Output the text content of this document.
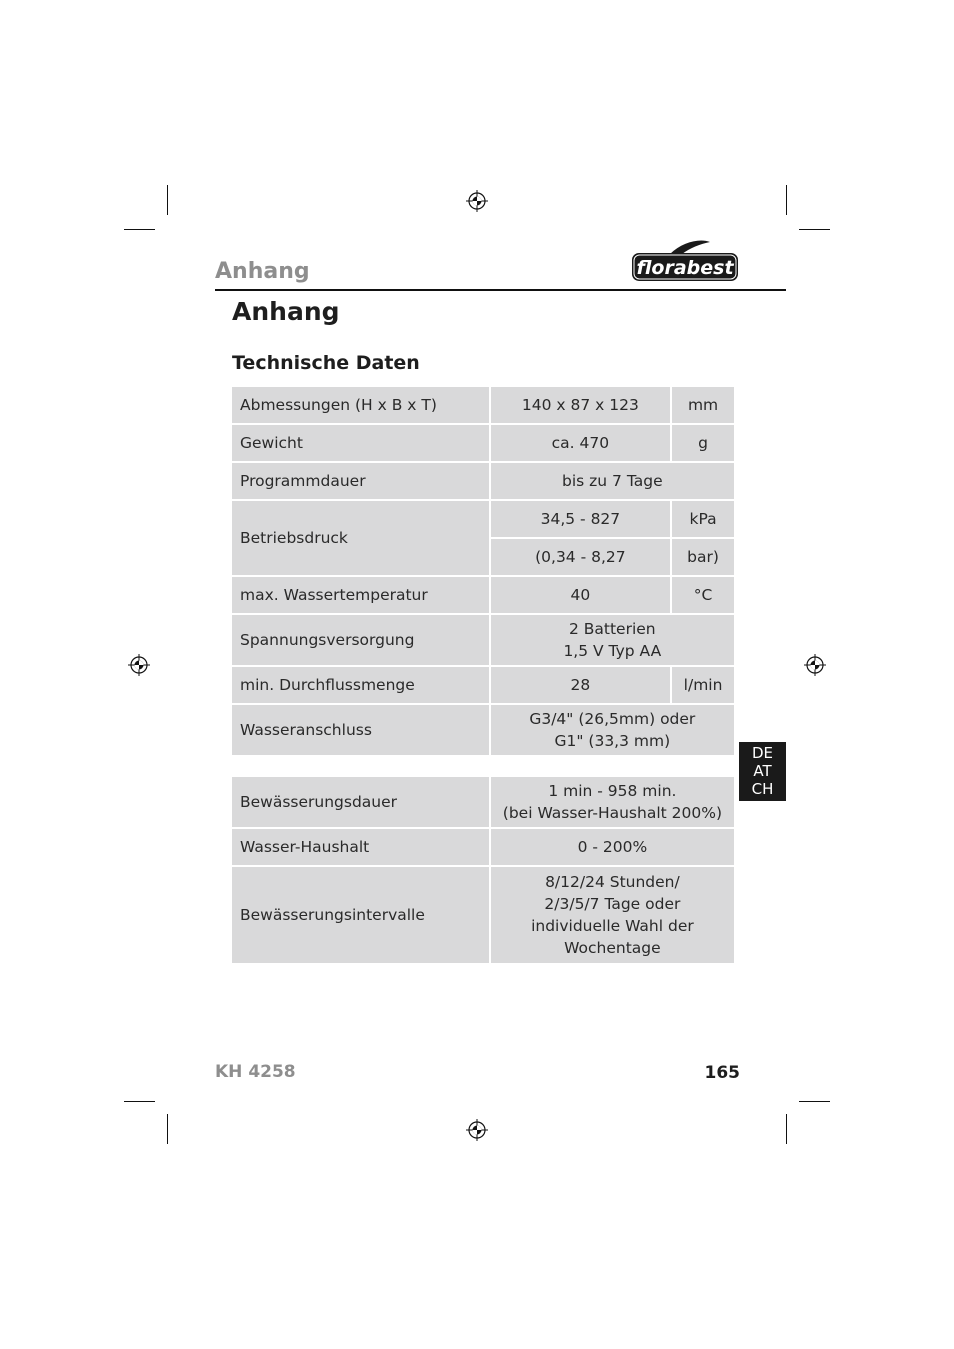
Anhang	florabest
Anhang
Technische Daten
Abmessungen (H x B x T)	140 x 87 x 123	mm
Gewicht	ca. 470	g
Programmdauer	bis zu 7 Tage	
Betriebsdruck	34,5 - 827	kPa
	(0,34 - 8,27	bar)
max. Wassertemperatur	40	°C
Spannungsversorgung	2 Batterien
1,5 V Typ AA	

min. Durchflussmenge	28	l/min
Wasseranschluss	G3/4" (26,5mm) oder
G1" (33,3 mm)	
Bewässerungsdauer	1 min - 958 min.
(bei Wasser-Haushalt 200%)

Wasser-Haushalt	0 - 200%
Bewässerungsintervalle	8/12/24 Stunden/
2/3/5/7 Tage oder
individuelle Wahl der
Wochentage
DE
AT
CH
KH 4258	165
